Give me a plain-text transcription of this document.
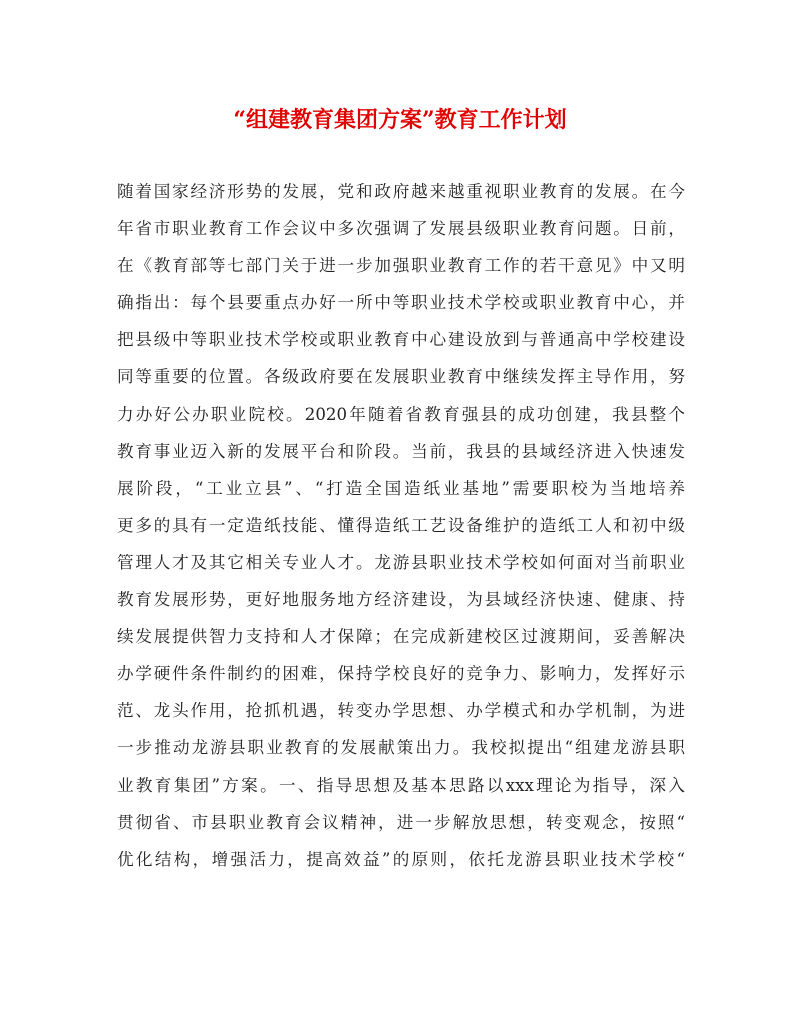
“组建教育集团方案”教育工作计划
随着国家经济形势的发展，党和政府越来越重视职业教育的发展。在今
年省市职业教育工作会议中多次强调了发展县级职业教育问题。日前，
在《教育部等七部门关于进一步加强职业教育工作的若干意见》中又明
确指出：每个县要重点办好一所中等职业技术学校或职业教育中心，并
把县级中等职业技术学校或职业教育中心建设放到与普通高中学校建设
同等重要的位置。各级政府要在发展职业教育中继续发挥主导作用，努
力办好公办职业院校。2020年随着省教育强县的成功创建，我县整个
教育事业迈入新的发展平台和阶段。当前，我县的县域经济进入快速发
展阶段，“工业立县”、“打造全国造纸业基地”需要职校为当地培养
更多的具有一定造纸技能、懂得造纸工艺设备维护的造纸工人和初中级
管理人才及其它相关专业人才。龙游县职业技术学校如何面对当前职业
教育发展形势，更好地服务地方经济建设，为县域经济快速、健康、持
续发展提供智力支持和人才保障；在完成新建校区过渡期间，妥善解决
办学硬件条件制约的困难，保持学校良好的竞争力、影响力，发挥好示
范、龙头作用，抢抓机遇，转变办学思想、办学模式和办学机制，为进
一步推动龙游县职业教育的发展献策出力。我校拟提出“组建龙游县职
业教育集团”方案。一、指导思想及基本思路以xxx理论为指导，深入
贯彻省、市县职业教育会议精神，进一步解放思想，转变观念，按照“
优化结构，增强活力，提高效益”的原则，依托龙游县职业技术学校“
